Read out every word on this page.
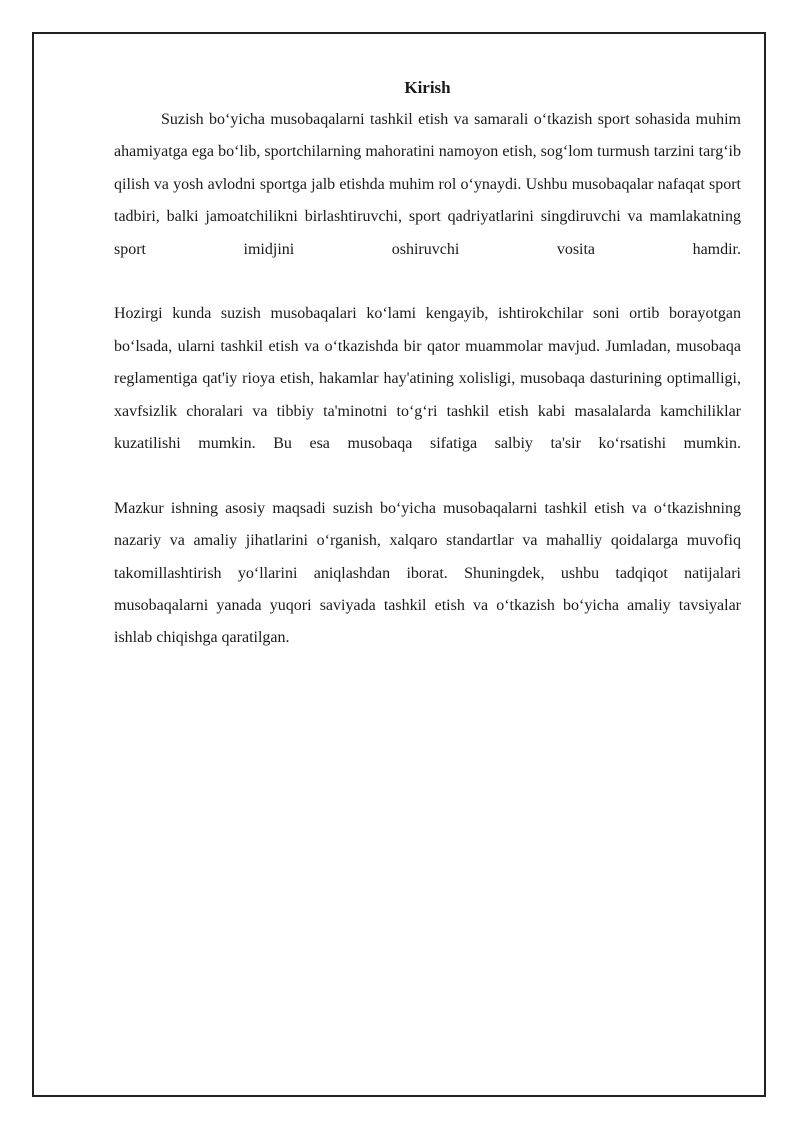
Kirish

Suzish bo‘yicha musobaqalarni tashkil etish va samarali o‘tkazish sport sohasida muhim ahamiyatga ega bo‘lib, sportchilarning mahoratini namoyon etish, sog‘lom turmush tarzini targ‘ib qilish va yosh avlodni sportga jalb etishda muhim rol o‘ynaydi. Ushbu musobaqalar nafaqat sport tadbiri, balki jamoatchilikni birlashtiruvchi, sport qadriyatlarini singdiruvchi va mamlakatning sport imidjini oshiruvchi vosita hamdir.

Hozirgi kunda suzish musobaqalari ko‘lami kengayib, ishtirokchilar soni ortib borayotgan bo‘lsada, ularni tashkil etish va o‘tkazishda bir qator muammolar mavjud. Jumladan, musobaqa reglamentiga qat'iy rioya etish, hakamlar hay'atining xolisligi, musobaqa dasturining optimalligi, xavfsizlik choralari va tibbiy ta'minotni to‘g‘ri tashkil etish kabi masalalarda kamchiliklar kuzatilishi mumkin. Bu esa musobaqa sifatiga salbiy ta'sir ko‘rsatishi mumkin.

Mazkur ishning asosiy maqsadi suzish bo‘yicha musobaqalarni tashkil etish va o‘tkazishning nazariy va amaliy jihatlarini o‘rganish, xalqaro standartlar va mahalliy qoidalarga muvofiq takomillashtirish yo‘llarini aniqlashdan iborat. Shuningdek, ushbu tadqiqot natijalari musobaqalarni yanada yuqori saviyada tashkil etish va o‘tkazish bo‘yicha amaliy tavsiyalar ishlab chiqishga qaratilgan.
